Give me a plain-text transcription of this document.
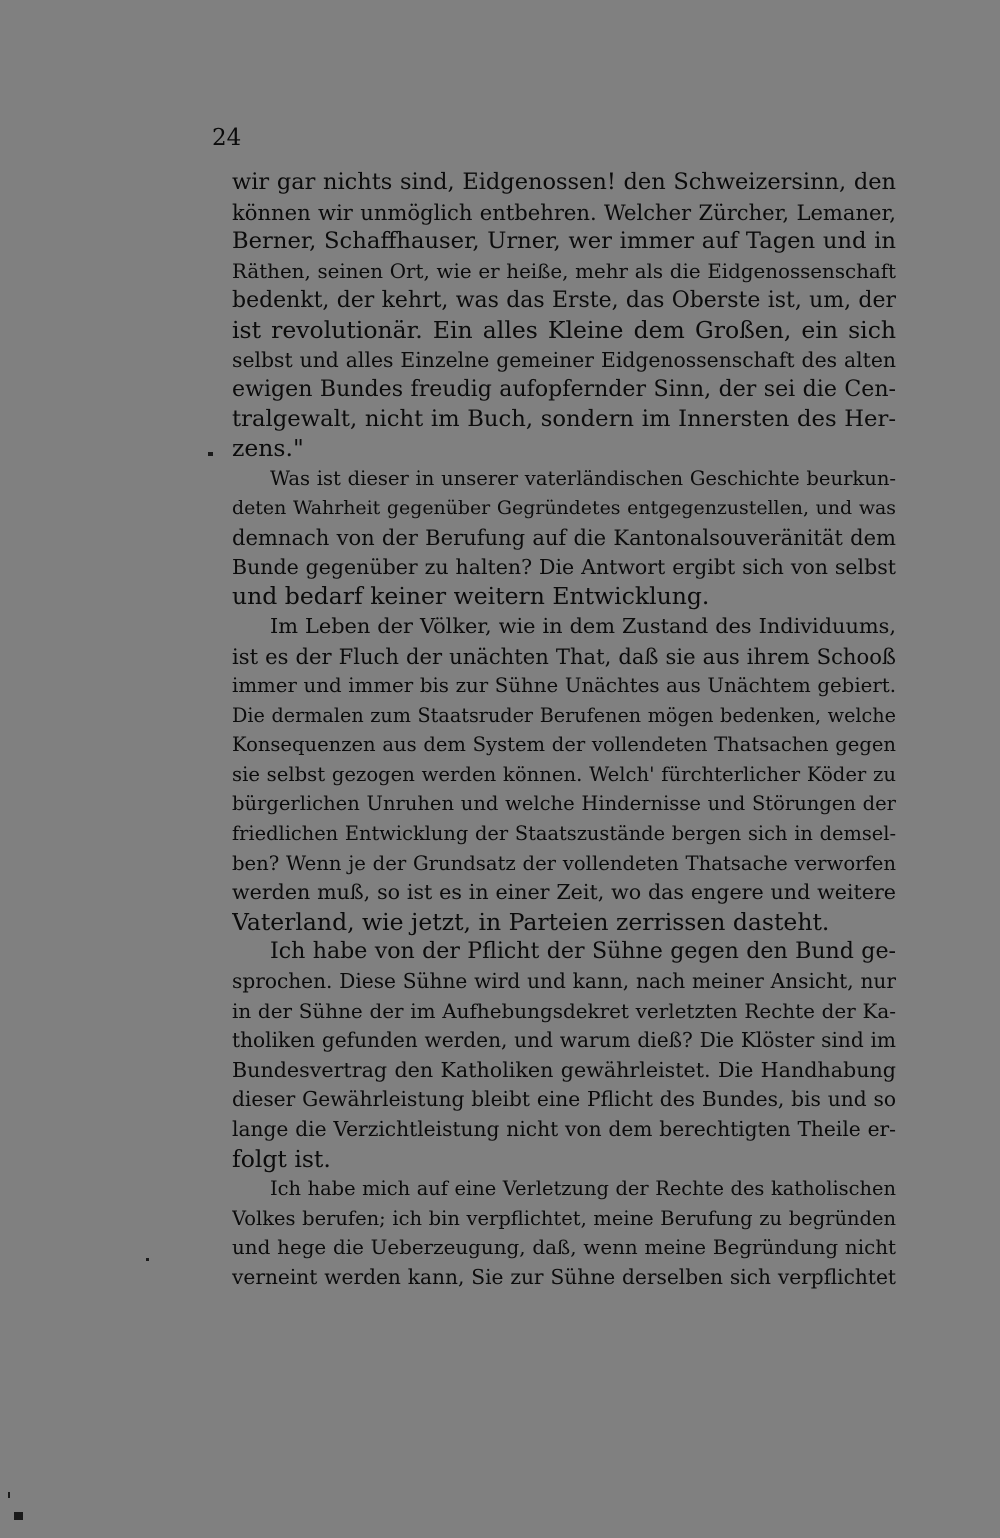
24
wir gar nichts sind, Eidgenossen! den Schweizersinn, den
können wir unmöglich entbehren. Welcher Zürcher, Lemaner,
Berner, Schaffhauser, Urner, wer immer auf Tagen und in
Räthen, seinen Ort, wie er heiße, mehr als die Eidgenossenschaft
bedenkt, der kehrt, was das Erste, das Oberste ist, um, der
ist revolutionär. Ein alles Kleine dem Großen, ein sich
selbst und alles Einzelne gemeiner Eidgenossenschaft des alten
ewigen Bundes freudig aufopfernder Sinn, der sei die Cen-
tralgewalt, nicht im Buch, sondern im Innersten des Her-
zens."
Was ist dieser in unserer vaterländischen Geschichte beurkun-
deten Wahrheit gegenüber Gegründetes entgegenzustellen, und was
demnach von der Berufung auf die Kantonalsouveränität dem
Bunde gegenüber zu halten? Die Antwort ergibt sich von selbst
und bedarf keiner weitern Entwicklung.
Im Leben der Völker, wie in dem Zustand des Individuums,
ist es der Fluch der unächten That, daß sie aus ihrem Schooß
immer und immer bis zur Sühne Unächtes aus Unächtem gebiert.
Die dermalen zum Staatsruder Berufenen mögen bedenken, welche
Konsequenzen aus dem System der vollendeten Thatsachen gegen
sie selbst gezogen werden können. Welch' fürchterlicher Köder zu
bürgerlichen Unruhen und welche Hindernisse und Störungen der
friedlichen Entwicklung der Staatszustände bergen sich in demsel-
ben? Wenn je der Grundsatz der vollendeten Thatsache verworfen
werden muß, so ist es in einer Zeit, wo das engere und weitere
Vaterland, wie jetzt, in Parteien zerrissen dasteht.
Ich habe von der Pflicht der Sühne gegen den Bund ge-
sprochen. Diese Sühne wird und kann, nach meiner Ansicht, nur
in der Sühne der im Aufhebungsdekret verletzten Rechte der Ka-
tholiken gefunden werden, und warum dieß? Die Klöster sind im
Bundesvertrag den Katholiken gewährleistet. Die Handhabung
dieser Gewährleistung bleibt eine Pflicht des Bundes, bis und so
lange die Verzichtleistung nicht von dem berechtigten Theile er-
folgt ist.
Ich habe mich auf eine Verletzung der Rechte des katholischen
Volkes berufen; ich bin verpflichtet, meine Berufung zu begründen
und hege die Ueberzeugung, daß, wenn meine Begründung nicht
verneint werden kann, Sie zur Sühne derselben sich verpflichtet
